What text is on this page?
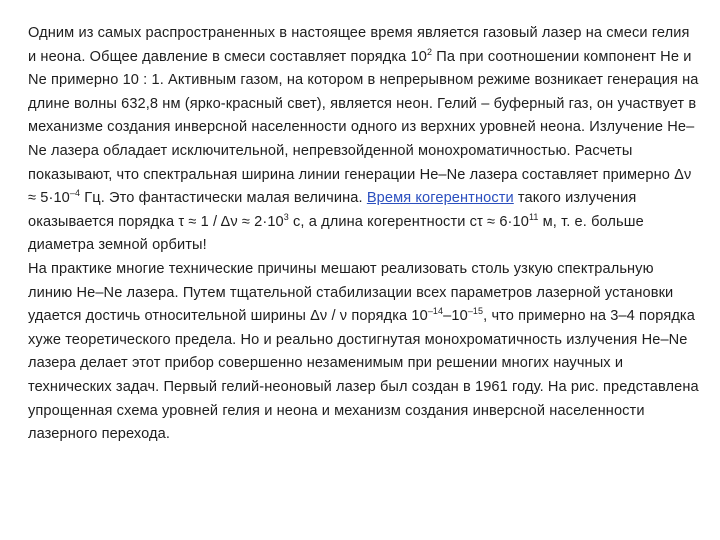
Одним из самых распространенных в настоящее время является газовый лазер на смеси гелия и неона. Общее давление в смеси составляет порядка $10^2$ Па при соотношении компонент He и Ne примерно 10 : 1. Активным газом, на котором в непрерывном режиме возникает генерация на длине волны 632,8 нм (ярко-красный свет), является неон. Гелий – буферный газ, он участвует в механизме создания инверсной населенности одного из верхних уровней неона. Излучение He–Ne лазера обладает исключительной, непревзойденной монохроматичностью. Расчеты показывают, что спектральная ширина линии генерации He–Ne лазера составляет примерно $\Delta\nu \approx 5\cdot 10^{-4}$ Гц. Это фантастически малая величина. Время когерентности такого излучения оказывается порядка $\tau \approx 1 / \Delta\nu \approx 2\cdot 10^3$ с, а длина когерентности $c\tau \approx 6\cdot 10^{11}$ м, т. е. больше диаметра земной орбиты!

На практике многие технические причины мешают реализовать столь узкую спектральную линию He–Ne лазера. Путем тщательной стабилизации всех параметров лазерной установки удается достичь относительной ширины Δν / ν порядка $10^{-14}-10^{-15}$, что примерно на 3–4 порядка хуже теоретического предела. Но и реально достигнутая монохроматичность излучения He–Ne лазера делает этот прибор совершенно незаменимым при решении многих научных и технических задач. Первый гелий-неоновый лазер был создан в 1961 году. На рис. представлена упрощенная схема уровней гелия и неона и механизм создания инверсной населенности лазерного перехода.
